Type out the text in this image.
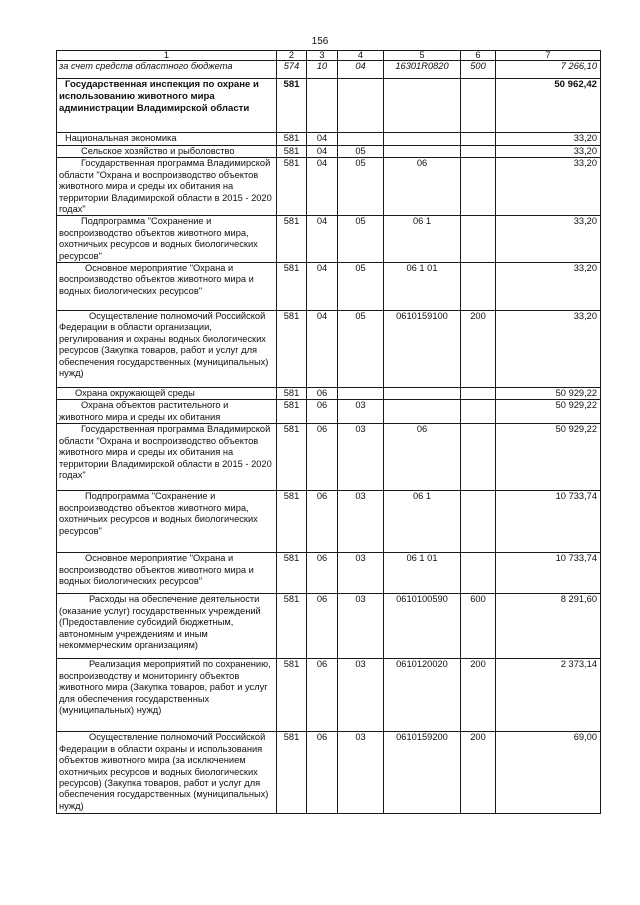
156
1	2	3	4	5	6	7
за счет средств областного бюджета	574	10	04	16301R0820	500	7 266,10
Государственная инспекция по охране и использованию животного мира администрации Владимирской области	581					50 962,42
Национальная экономика	581	04				33,20
Сельское хозяйство и рыболовство	581	04	05			33,20
Государственная программа Владимирской области "Охрана и воспроизводство объектов животного мира и среды их обитания на территории Владимирской области в 2015 - 2020 годах"	581	04	05	06		33,20
Подпрограмма "Сохранение и воспроизводство объектов животного мира, охотничьих ресурсов и водных биологических ресурсов"	581	04	05	06 1		33,20
Основное мероприятие "Охрана и воспроизводство объектов животного мира и водных биологических ресурсов"	581	04	05	06 1 01		33,20
Осуществление полномочий Российской Федерации в области организации, регулирования и охраны водных биологических ресурсов (Закупка товаров, работ и услуг для обеспечения государственных (муниципальных) нужд)	581	04	05	0610159100	200	33,20
Охрана окружающей среды	581	06				50 929,22
Охрана объектов растительного и животного мира и среды их обитания	581	06	03			50 929,22
Государственная программа Владимирской области "Охрана и воспроизводство объектов животного мира и среды их обитания на территории Владимирской области в 2015 - 2020 годах"	581	06	03	06		50 929,22
Подпрограмма "Сохранение и воспроизводство объектов животного мира, охотничьих ресурсов и водных биологических ресурсов"	581	06	03	06 1		10 733,74
Основное мероприятие "Охрана и воспроизводство объектов животного мира и водных биологических ресурсов"	581	06	03	06 1 01		10 733,74
Расходы на обеспечение деятельности (оказание услуг) государственных учреждений (Предоставление субсидий бюджетным, автономным учреждениям и иным некоммерческим организациям)	581	06	03	0610100590	600	8 291,60
Реализация мероприятий по сохранению, воспроизводству и мониторингу объектов животного мира (Закупка товаров, работ и услуг для обеспечения государственных (муниципальных) нужд)	581	06	03	0610120020	200	2 373,14
Осуществление полномочий Российской Федерации в области охраны и использования объектов животного мира (за исключением охотничьих ресурсов и водных биологических ресурсов) (Закупка товаров, работ и услуг для обеспечения государственных (муниципальных) нужд)	581	06	03	0610159200	200	69,00
